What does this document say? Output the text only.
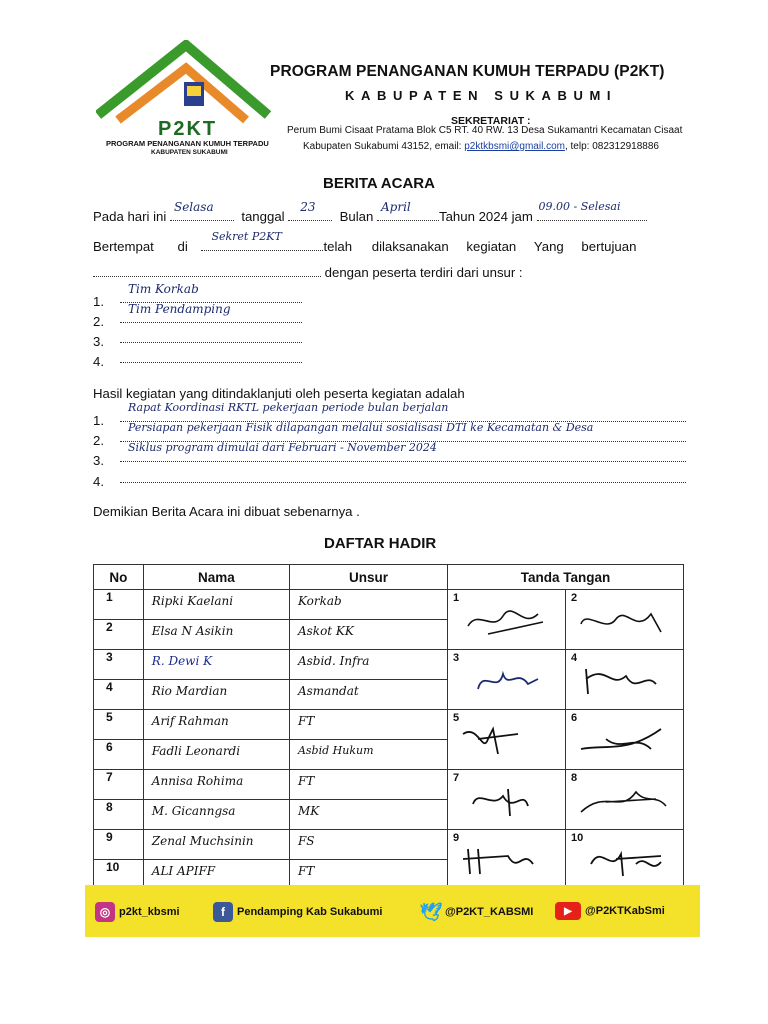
P2KT
PROGRAM PENANGANAN KUMUH TERPADU
KABUPATEN SUKABUMI
PROGRAM PENANGANAN KUMUH TERPADU (P2KT)
KABUPATEN SUKABUMI
SEKRETARIAT :
Perum Bumi Cisaat Pratama Blok C5 RT. 40 RW. 13 Desa Sukamantri Kecamatan Cisaat
Kabupaten Sukabumi 43152, email: p2ktkbsmi@gmail.com, telp: 082312918886
BERITA ACARA
Pada hari ini
Selasa
tanggal
23
Bulan
April
Tahun 2024 jam
09.00 - Selesai
Bertempat di
Sekret P2KT
telah dilaksanakan kegiatan Yang bertujuan
dengan peserta terdiri dari unsur :
1.
Tim Korkab
2.
Tim Pendamping
3.
4.
Hasil kegiatan yang ditindaklanjuti oleh peserta kegiatan adalah
1.
Rapat Koordinasi RKTL pekerjaan periode bulan berjalan
2.
Persiapan pekerjaan Fisik dilapangan melalui sosialisasi DTI ke Kecamatan & Desa
3.
Siklus program dimulai dari Februari - November 2024
4.
Demikian Berita Acara ini dibuat sebenarnya .
DAFTAR HADIR
No	Nama	Unsur	Tanda Tangan	
1	Ripki Kaelani	Korkab	1	2

2	Elsa N Asikin	Askot KK		
3	R. Dewi K	Asbid. Infra	3	4

4	Rio Mardian	Asmandat		
5	Arif Rahman	FT	5	6

6	Fadli Leonardi	Asbid Hukum		
7	Annisa Rohima	FT	7	8

8	M. Gicanngsa	MK		
9	Zenal Muchsinin	FS	9	10

10	ALI APIFF	FT		
◎ p2kt_kbsmi	f	Pendamping Kab Sukabumi 🕊 @P2KT_KABSMI	▶	@P2KTKabSmi
